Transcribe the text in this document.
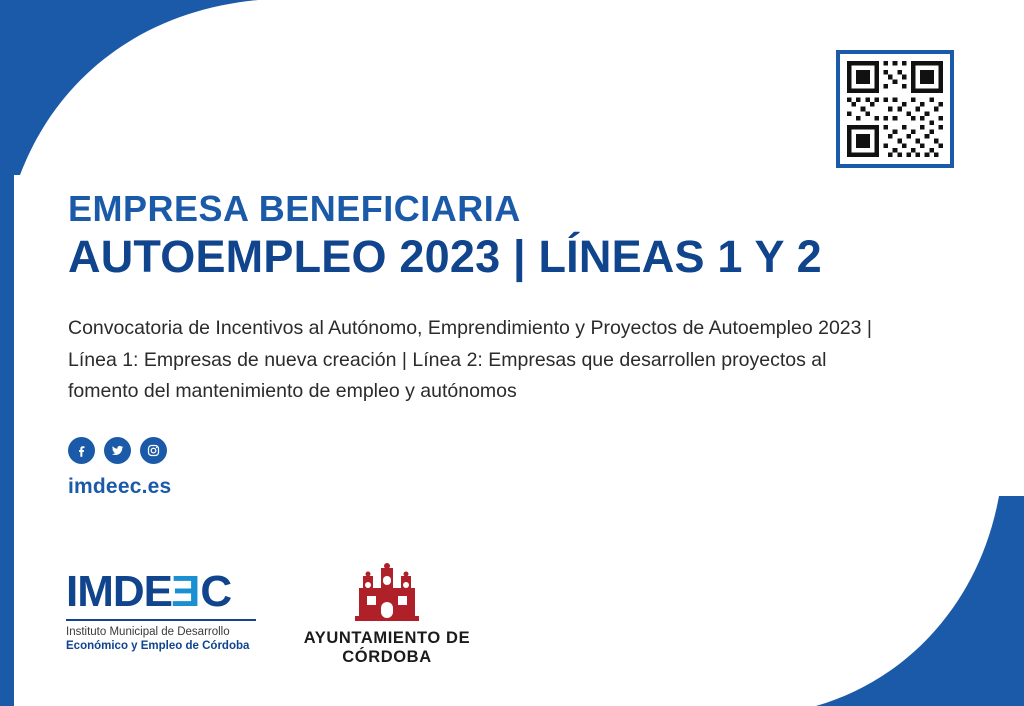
EMPRESA BENEFICIARIA
AUTOEMPLEO 2023 | LÍNEAS 1 Y 2
Convocatoria de Incentivos al Autónomo, Emprendimiento y Proyectos de Autoempleo 2023 |
Línea 1: Empresas de nueva creación | Línea 2: Empresas que desarrollen proyectos al
fomento del mantenimiento de empleo y autónomos
imdeec.es
IMDE E C
Instituto Municipal de Desarrollo
Económico y Empleo de Córdoba	AYUNTAMIENTO DE CÓRDOBA
